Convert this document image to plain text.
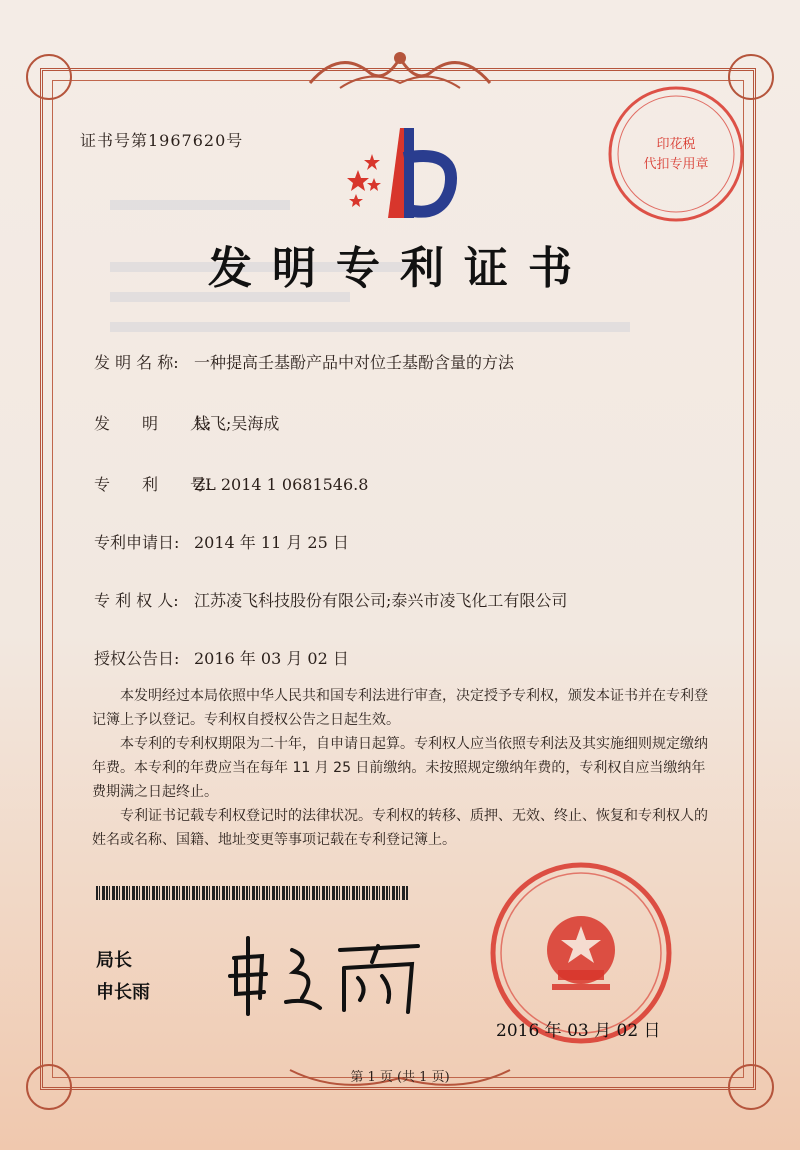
证书号第1967620号
发明专利证书
发 明 名 称: 一种提高壬基酚产品中对位壬基酚含量的方法
发　　明　　人:钱飞;吴海成
专　　利　　号:ZL 2014 1 0681546.8
专利申请日: 2014 年 11 月 25 日
专 利 权 人: 江苏凌飞科技股份有限公司;泰兴市凌飞化工有限公司
授权公告日: 2016 年 03 月 02 日
　　本发明经过本局依照中华人民共和国专利法进行审查，决定授予专利权，颁发本证书并在专利登记簿上予以登记。专利权自授权公告之日起生效。
　　本专利的专利权期限为二十年，自申请日起算。专利权人应当依照专利法及其实施细则规定缴纳年费。本专利的年费应当在每年 11 月 25 日前缴纳。未按照规定缴纳年费的，专利权自应当缴纳年费期满之日起终止。
　　专利证书记载专利权登记时的法律状况。专利权的转移、质押、无效、终止、恢复和专利权人的姓名或名称、国籍、地址变更等事项记载在专利登记簿上。
局长
申长雨
印花税
代扣专用章
2016 年 03 月 02 日
第 1 页 (共 1 页)
